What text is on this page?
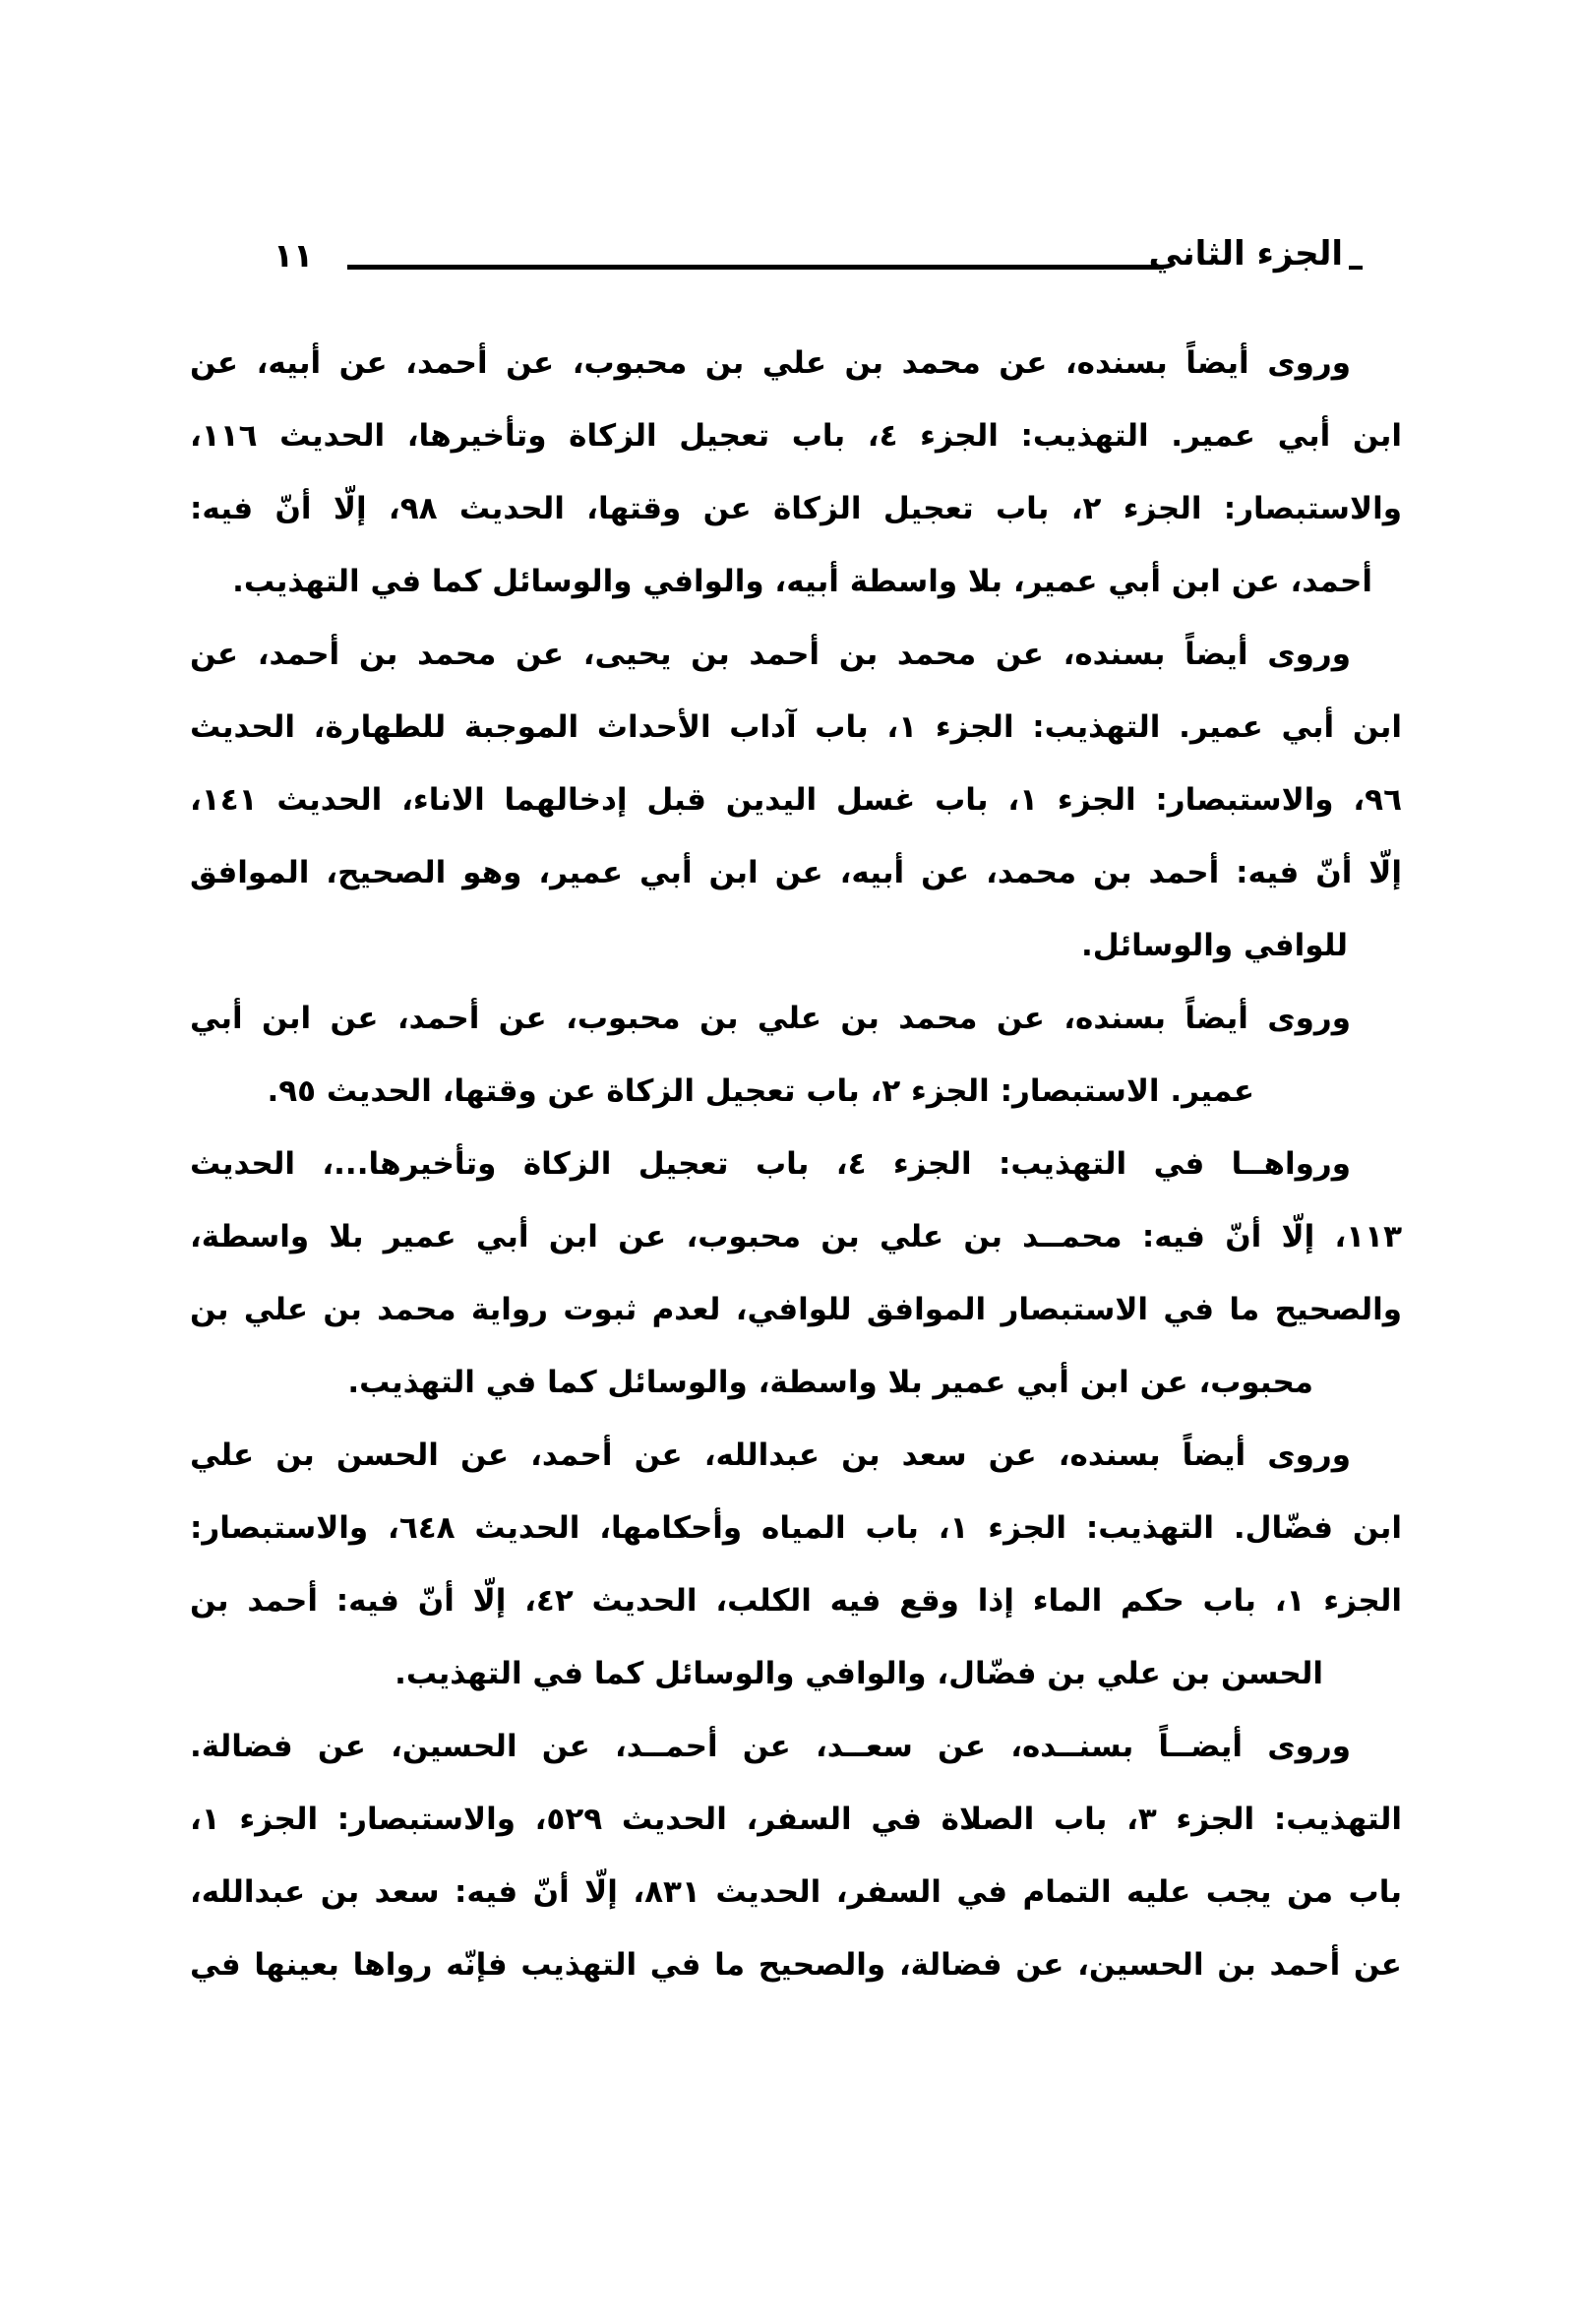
١١	الجزء الثاني
وروى أيضاً بسنده، عن محمد بن علي بن محبوب، عن أحمد، عن أبيه، عن
ابن أبي عمير. التهذيب: الجزء ٤، باب تعجيل الزكاة وتأخيرها، الحديث ١١٦،
والاستبصار: الجزء ٢، باب تعجيل الزكاة عن وقتها، الحديث ٩٨، إلّا أنّ فيه:
أحمد، عن ابن أبي عمير، بلا واسطة أبيه، والوافي والوسائل كما في التهذيب.
وروى أيضاً بسنده، عن محمد بن أحمد بن يحيى، عن محمد بن أحمد، عن
ابن أبي عمير. التهذيب: الجزء ١، باب آداب الأحداث الموجبة للطهارة، الحديث
٩٦، والاستبصار: الجزء ١، باب غسل اليدين قبل إدخالهما الاناء، الحديث ١٤١،
إلّا أنّ فيه: أحمد بن محمد، عن أبيه، عن ابن أبي عمير، وهو الصحيح، الموافق
للوافي والوسائل.
وروى أيضاً بسنده، عن محمد بن علي بن محبوب، عن أحمد، عن ابن أبي
عمير. الاستبصار: الجزء ٢، باب تعجيل الزكاة عن وقتها، الحديث ٩٥.
ورواهــا في التهذيب: الجزء ٤، باب تعجيل الزكاة وتأخيرها...، الحديث
١١٣، إلّا أنّ فيه: محمــد بن علي بن محبوب، عن ابن أبي عمير بلا واسطة،
والصحيح ما في الاستبصار الموافق للوافي، لعدم ثبوت رواية محمد بن علي بن
محبوب، عن ابن أبي عمير بلا واسطة، والوسائل كما في التهذيب.
وروى أيضاً بسنده، عن سعد بن عبدالله، عن أحمد، عن الحسن بن علي
ابن فضّال. التهذيب: الجزء ١، باب المياه وأحكامها، الحديث ٦٤٨، والاستبصار:
الجزء ١، باب حكم الماء إذا وقع فيه الكلب، الحديث ٤٢، إلّا أنّ فيه: أحمد بن
الحسن بن علي بن فضّال، والوافي والوسائل كما في التهذيب.
وروى أيضــاً بسنــده، عن سعــد، عن أحمــد، عن الحسين، عن فضالة.
التهذيب: الجزء ٣، باب الصلاة في السفر، الحديث ٥٢٩، والاستبصار: الجزء ١،
باب من يجب عليه التمام في السفر، الحديث ٨٣١، إلّا أنّ فيه: سعد بن عبدالله،
عن أحمد بن الحسين، عن فضالة، والصحيح ما في التهذيب فإنّه رواها بعينها في
